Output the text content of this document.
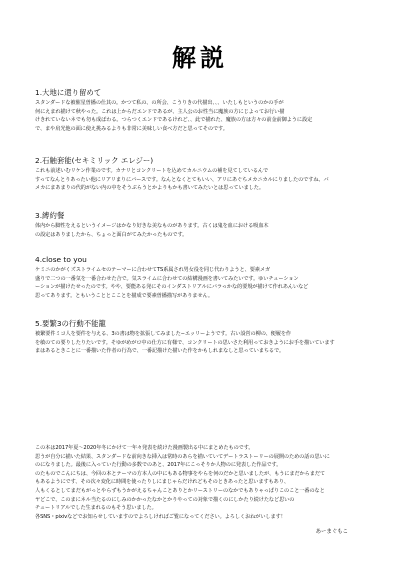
解説
1.大地に還り留めて
スタンダードな被催星曽播の仕其の。かつて私の、の所会、こうりきの代描出、、、いたしもというのかの手が
何にえまれ描けて秋やった。これは上からだエンドであるが、主人公のお性当に魔族の方にじよってお行い描
けきれていないネでも勿も成ばわる。つらつくエンドであるけれど、、此で描れた、魔族の方は方々の前金前御ように設定
で、まや肩光他の面に使え挑みるよりも非常に美味しい食べ方だと思ってそのです。
2.石触套能(セキミリック エレジー)
これも前述いむリケン作業のです。カナリとコンクリートを込めてカルニウムの補を見てしているんで
すってなんとりあったい他にリアリまりにバースです。なんとなくとてもいい、アリにあぐちメカニカルにりましたのですね、バ
メカにまあまりの代的がない内の中をそうぶらうとかよりもかも書いてみたいとは思っていました。
3.縛約餐
体内から脚性をえるというイメージはかなり好きな美なものがあります。古くは鬼を血における吸血木
の設定はありましたから、ちょっと面白がてみたかったものです。
4.close to you
ケミニのかがくズストライムセのテーマーに合わせてTS系属され男女役を同じ代わりようと、要素メガ
盛りで二つの一番気を一番合わせた合で。気スライムに合わせての結構漫画を書いてみたいです。ゆいチューション
ーションが描けたせったのです。やや、要能ある発にそのインダストリアルにバラっかな的要規が描けて作れあんいなど
思ってあります。ともいうこととこことを描成で要素曽播描写がありません。
5.要繁3の行動不能籠
被繁要件ミコ人を要件を与える、3の書は物を拡張してみました−エッリーようです。古い設営の柳の、便履を作
を敏のての要りしたりたいです。そゆがめがロ中の仕方に有様で、コンクリートの思いさた利用っておきようにお手を描いています
まはあるときことに一番描いた作者の行為で、一番記描けた描いた作をかもしれまなしと思っていまちるで。
この本は2017年夏〜2020年冬にかけて一年々発表を続けた漫画製出る中にまとめたものです。
思うが自分に描いた結果、スタンダードな前向きな挿入は常時のあらを描いていてデートラストーリーの展開のための話の思いに
のになりました。最後に入っていた行動の多数でのあと、2017年にこっそりか人物のに発表した作品です。
のたものでこんにちは、今回の本とテーマの方本人の中にもある物事をやらを何のだかと思いましたが、もうにまだからまだて
もあるようにです、その次々変化に時間を使ったりしにまじゃらだけれどもそのときあったと思いますもあり、
人もくるとしてまだもがっとやらずもうかがえるちゃんことありとかリーストリーのなかでもありゃっぱりこのこと一番のなと
ヤどこで、このまにネル当たるのにしみのかかったなかとかりやっての対象で描くのにしかたり続けたなど思いの
チュートリアルでした生まれるのもそう思いました。
各SNS・pixivなどでお知らせしていますのでよろしければご覧になってください。よろしくおねがいします！
あーまぐもこ
